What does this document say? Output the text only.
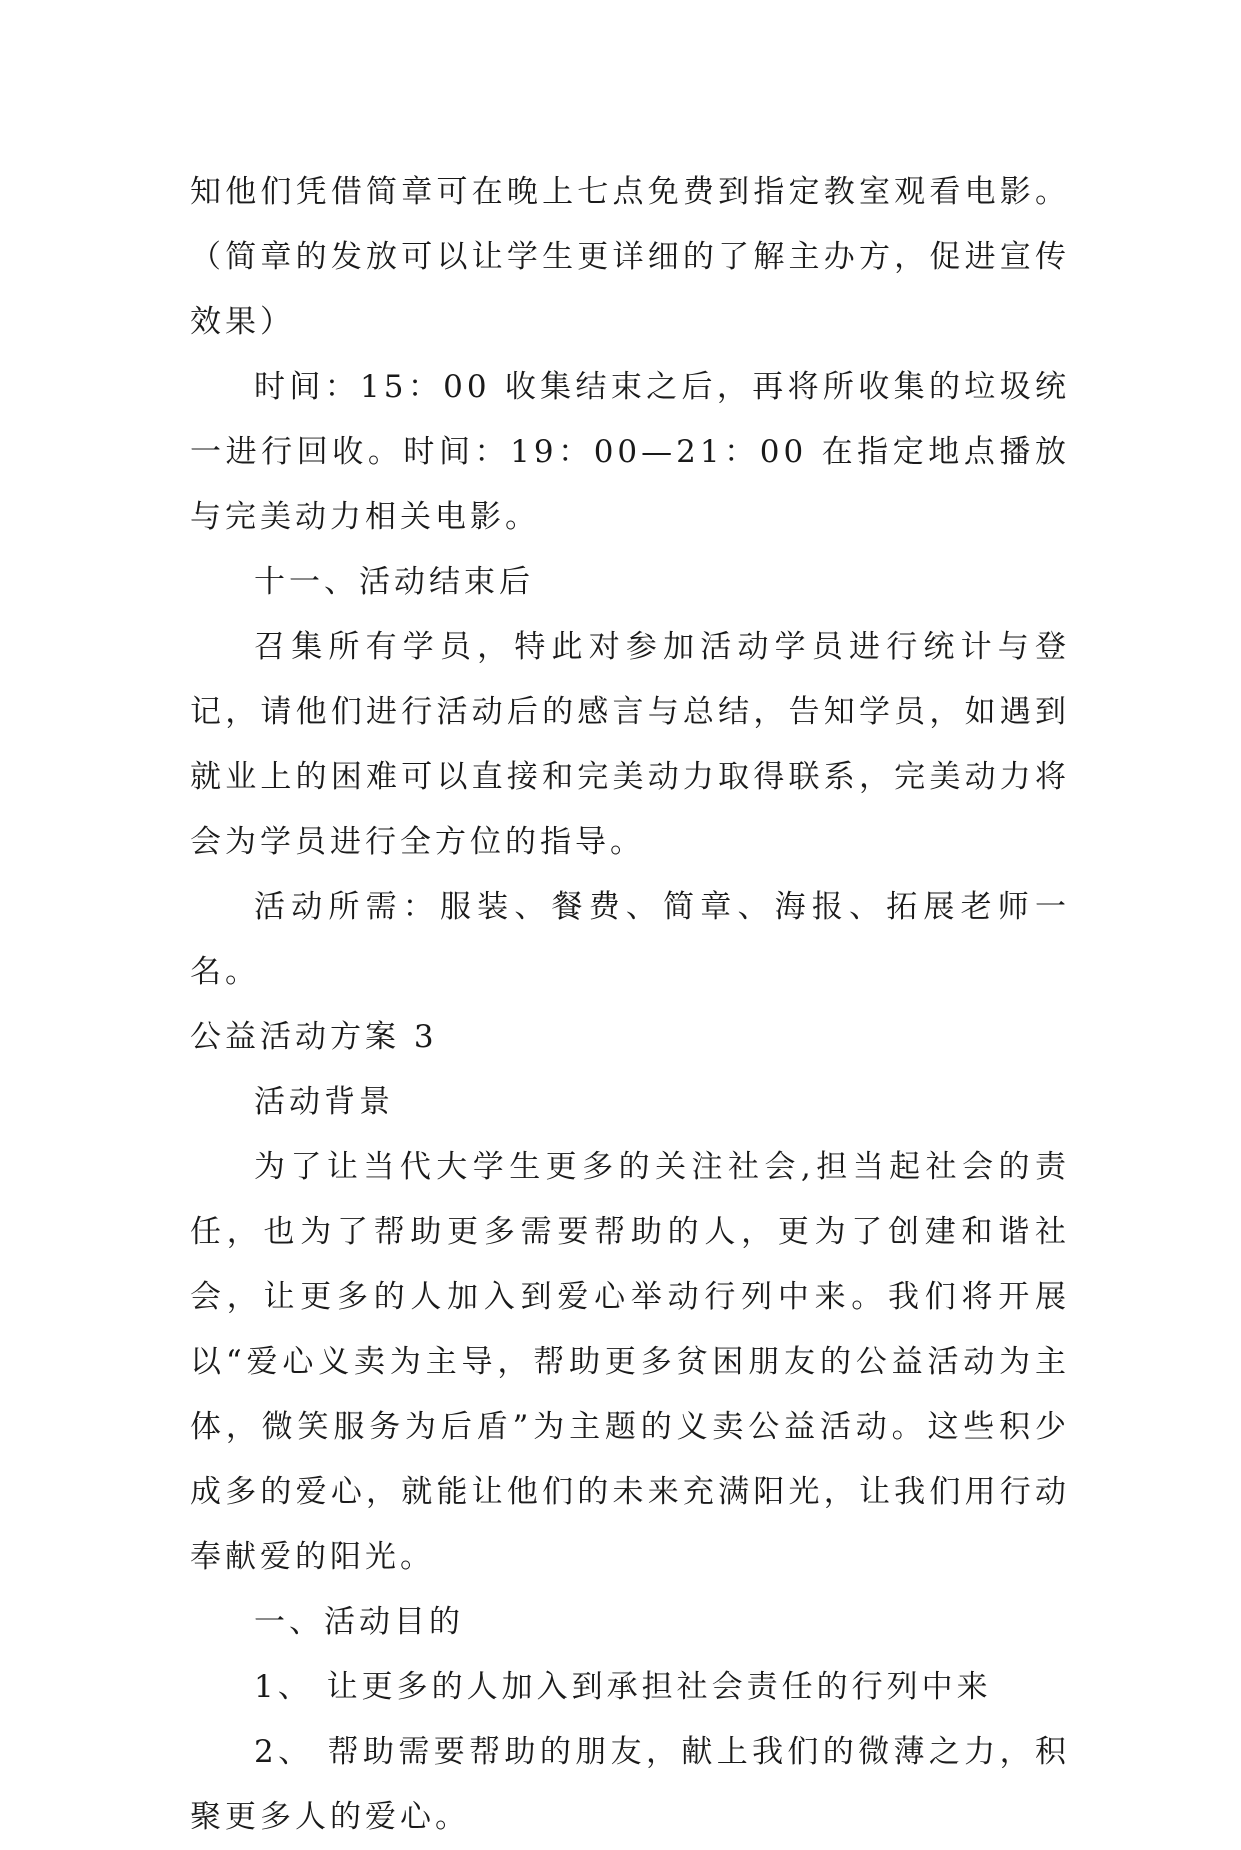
知他们凭借简章可在晚上七点免费到指定教室观看电影。（简章的发放可以让学生更详细的了解主办方，促进宣传效果）

时间：15：00 收集结束之后，再将所收集的垃圾统一进行回收。时间：19：00—21：00 在指定地点播放与完美动力相关电影。

十一、活动结束后

召集所有学员，特此对参加活动学员进行统计与登记，请他们进行活动后的感言与总结，告知学员，如遇到就业上的困难可以直接和完美动力取得联系，完美动力将会为学员进行全方位的指导。

活动所需：服装、餐费、简章、海报、拓展老师一名。

公益活动方案 3

活动背景

为了让当代大学生更多的关注社会,担当起社会的责任，也为了帮助更多需要帮助的人，更为了创建和谐社会，让更多的人加入到爱心举动行列中来。我们将开展以“爱心义卖为主导，帮助更多贫困朋友的公益活动为主体，微笑服务为后盾”为主题的义卖公益活动。这些积少成多的爱心，就能让他们的未来充满阳光，让我们用行动奉献爱的阳光。

一、活动目的

1、 让更多的人加入到承担社会责任的行列中来

2、 帮助需要帮助的朋友，献上我们的微薄之力，积聚更多人的爱心。
